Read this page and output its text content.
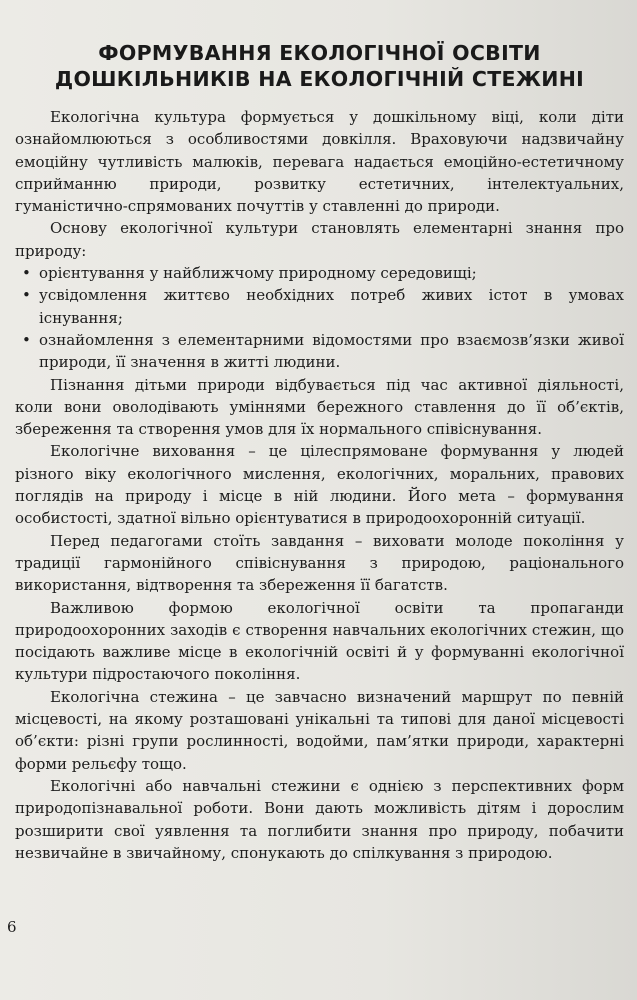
ФОРМУВАННЯ ЕКОЛОГІЧНОЇ ОСВІТИ
ДОШКІЛЬНИКІВ НА ЕКОЛОГІЧНІЙ СТЕЖИНІ

Екологічна культура формується у дошкільному віці, коли діти ознайомлюються з особливостями довкілля. Враховуючи надзвичайну емоційну чутливість малюків, перевага надається емоційно-естетичному сприйманню природи, розвитку естетичних, інтелектуальних, гуманістично-спрямованих почуттів у ставленні до природи.

Основу екологічної культури становлять елементарні знання про природу:

• орієнтування у найближчому природному середовищі;
• усвідомлення життєво необхідних потреб живих істот в умовах існування;
• ознайомлення з елементарними відомостями про взаємозв’язки живої природи, її значення в житті людини.

Пізнання дітьми природи відбувається під час активної діяльності, коли вони оволодівають уміннями бережного ставлення до її об’єктів, збереження та створення умов для їх нормального співіснування.

Екологічне виховання – це цілеспрямоване формування у людей різного віку екологічного мислення, екологічних, моральних, правових поглядів на природу і місце в ній людини. Його мета – формування особистості, здатної вільно орієнтуватися в природоохоронній ситуації.

Перед педагогами стоїть завдання – виховати молоде покоління у традиції гармонійного співіснування з природою, раціонального використання, відтворення та збереження її багатств.

Важливою формою екологічної освіти та пропаганди природоохоронних заходів є створення навчальних екологічних стежин, що посідають важливе місце в екологічній освіті й у формуванні екологічної культури підростаючого покоління.

Екологічна стежина – це завчасно визначений маршрут по певній місцевості, на якому розташовані унікальні та типові для даної місцевості об’єкти: різні групи рослинності, водойми, пам’ятки природи, характерні форми рельєфу тощо.

Екологічні або навчальні стежини є однією з перспективних форм природопізнавальної роботи. Вони дають можливість дітям і дорослим розширити свої уявлення та поглибити знання про природу, побачити незвичайне в звичайному, спонукають до спілкування з природою.

6
